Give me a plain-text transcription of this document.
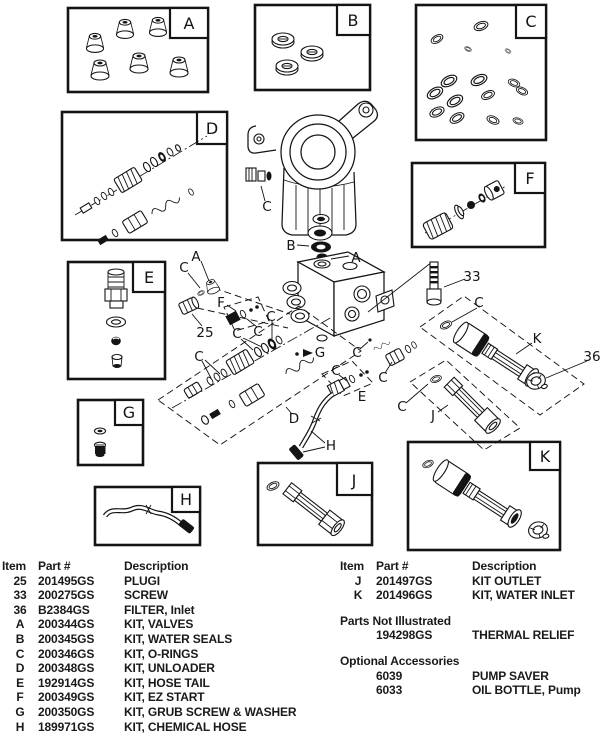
A	B	C
D
E
F
G
H
J
K
C
B
A
A
C
25
F
C C
C
C	G C
C
E
C
D
H
C
J
33
C
K
36
Item Part #	Description
25 201495GS	PLUGI
33 200275GS	SCREW
36 B2384GS	FILTER, Inlet
A	200344GS	KIT, VALVES
B	200345GS	KIT, WATER SEALS
C	200346GS	KIT, O-RINGS
D	200348GS	KIT, UNLOADER
E	192914GS	KIT, HOSE TAIL
F	200349GS	KIT, EZ START
G	200350GS	KIT, GRUB SCREW & WASHER
H	189971GS	KIT, CHEMICAL HOSE
Item Part #	Description
J	201497GS	KIT OUTLET
K	201496GS	KIT, WATER INLET
Parts Not Illustrated
194298GS	THERMAL RELIEF
Optional Accessories
6039	PUMP SAVER
6033	OIL BOTTLE, Pump
